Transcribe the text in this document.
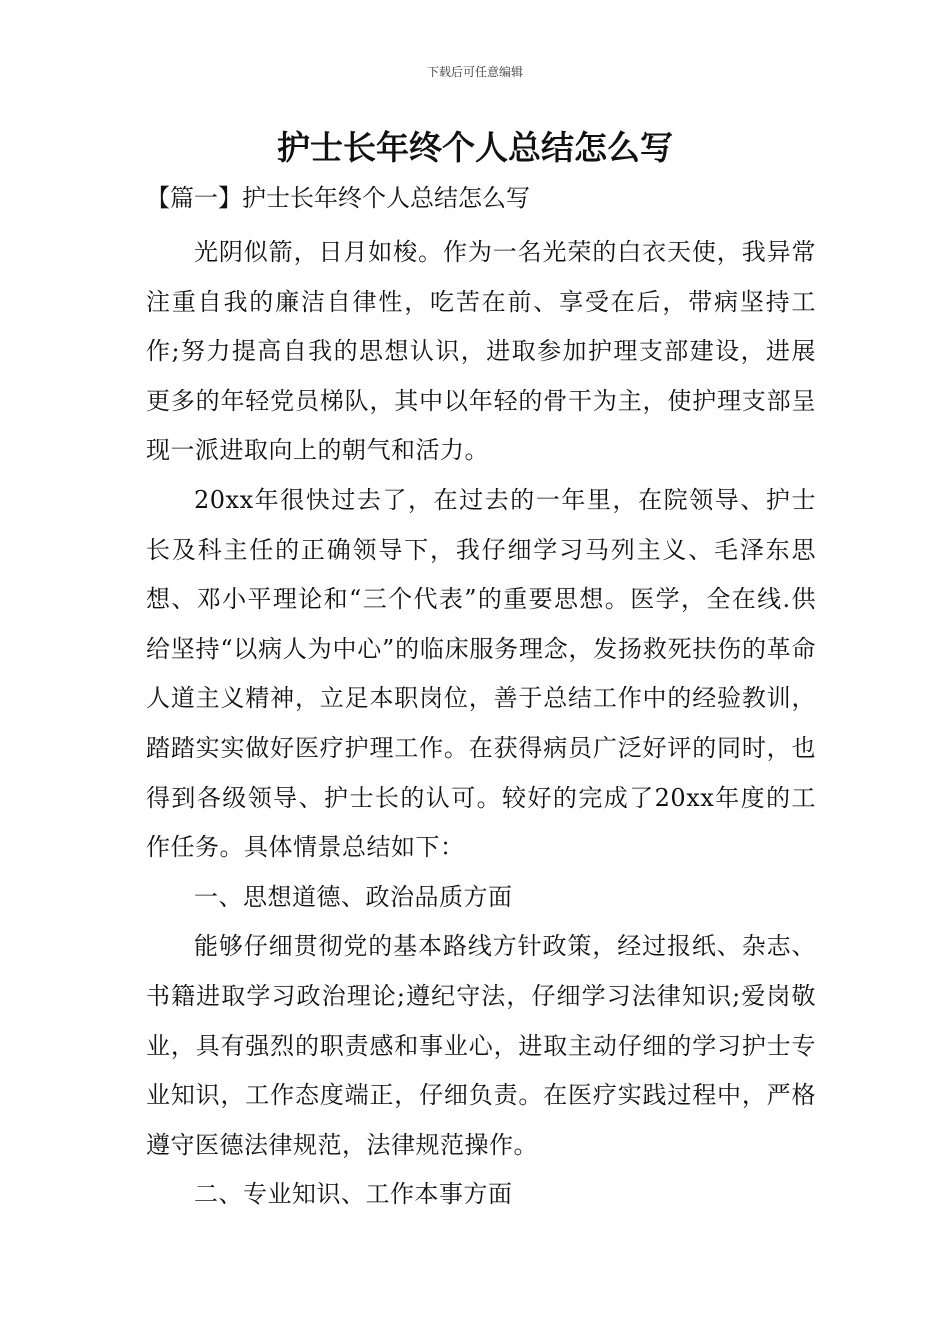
下载后可任意编辑
护士长年终个人总结怎么写
【篇一】护士长年终个人总结怎么写

光阴似箭，日月如梭。作为一名光荣的白衣天使，我异常注重自我的廉洁自律性，吃苦在前、享受在后，带病坚持工作;努力提高自我的思想认识，进取参加护理支部建设，进展更多的年轻党员梯队，其中以年轻的骨干为主，使护理支部呈现一派进取向上的朝气和活力。

20xx年很快过去了，在过去的一年里，在院领导、护士长及科主任的正确领导下，我仔细学习马列主义、毛泽东思想、邓小平理论和“三个代表”的重要思想。医学，全在线.供给坚持“以病人为中心”的临床服务理念，发扬救死扶伤的革命人道主义精神，立足本职岗位，善于总结工作中的经验教训，踏踏实实做好医疗护理工作。在获得病员广泛好评的同时，也得到各级领导、护士长的认可。较好的完成了20xx年度的工作任务。具体情景总结如下：

一、思想道德、政治品质方面

能够仔细贯彻党的基本路线方针政策，经过报纸、杂志、书籍进取学习政治理论;遵纪守法，仔细学习法律知识;爱岗敬业，具有强烈的职责感和事业心，进取主动仔细的学习护士专业知识，工作态度端正，仔细负责。在医疗实践过程中，严格遵守医德法律规范，法律规范操作。

二、专业知识、工作本事方面
